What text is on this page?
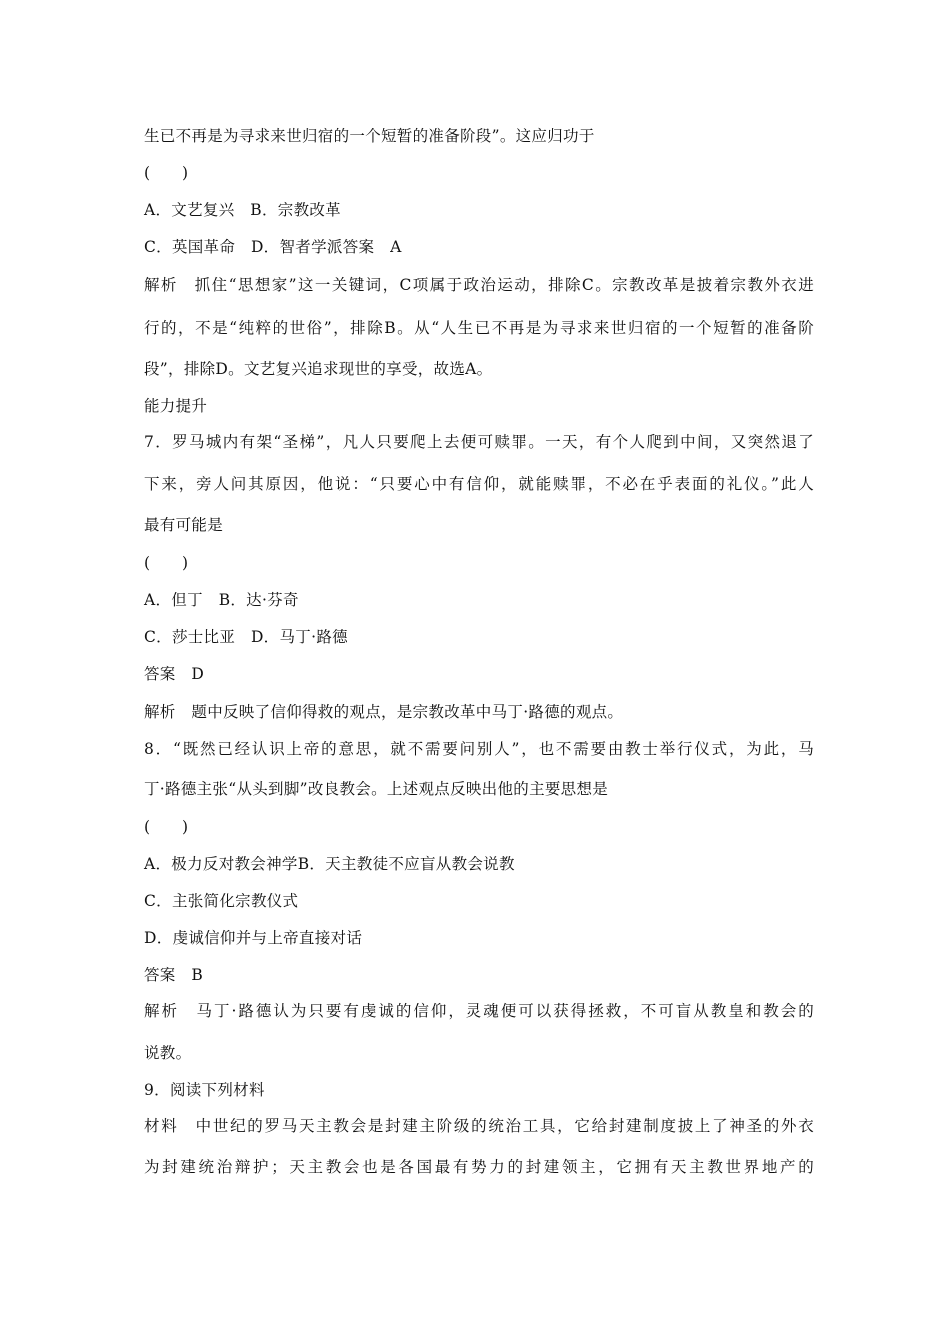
生已不再是为寻求来世归宿的一个短暂的准备阶段”。这应归功于
(　　)
A．文艺复兴　B．宗教改革
C．英国革命　D．智者学派答案　A
解析　抓住“思想家”这一关键词，C项属于政治运动，排除C。宗教改革是披着宗教外衣进
行的，不是“纯粹的世俗”，排除B。从“人生已不再是为寻求来世归宿的一个短暂的准备阶
段”，排除D。文艺复兴追求现世的享受，故选A。
能力提升
7．罗马城内有架“圣梯”，凡人只要爬上去便可赎罪。一天，有个人爬到中间，又突然退了
下来，旁人问其原因，他说：“只要心中有信仰，就能赎罪，不必在乎表面的礼仪。”此人
最有可能是
(　　)
A．但丁　B．达·芬奇
C．莎士比亚　D．马丁·路德
答案　D
解析　题中反映了信仰得救的观点，是宗教改革中马丁·路德的观点。
8．“既然已经认识上帝的意思，就不需要问别人”，也不需要由教士举行仪式，为此，马
丁·路德主张“从头到脚”改良教会。上述观点反映出他的主要思想是
(　　)
A．极力反对教会神学B．天主教徒不应盲从教会说教
C．主张简化宗教仪式
D．虔诚信仰并与上帝直接对话
答案　B
解析　马丁·路德认为只要有虔诚的信仰，灵魂便可以获得拯救，不可盲从教皇和教会的
说教。
9．阅读下列材料
材料　中世纪的罗马天主教会是封建主阶级的统治工具，它给封建制度披上了神圣的外衣
为封建统治辩护；天主教会也是各国最有势力的封建领主，它拥有天主教世界地产的
